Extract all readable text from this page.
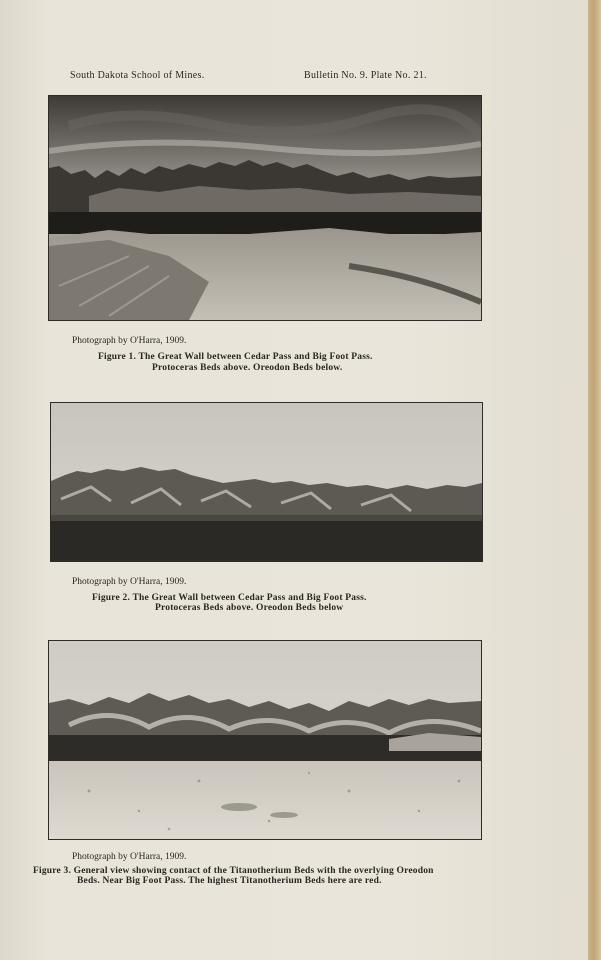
South Dakota School of Mines.	Bulletin No. 9. Plate No. 21.
Photograph by O'Harra, 1909.
Figure 1. The Great Wall between Cedar Pass and Big Foot Pass.
Protoceras Beds above. Oreodon Beds below.
Photograph by O'Harra, 1909.
Figure 2. The Great Wall between Cedar Pass and Big Foot Pass.
Protoceras Beds above. Oreodon Beds below
Photograph by O'Harra, 1909.
Figure 3. General view showing contact of the Titanotherium Beds with the overlying Oreodon
Beds. Near Big Foot Pass. The highest Titanotherium Beds here are red.
